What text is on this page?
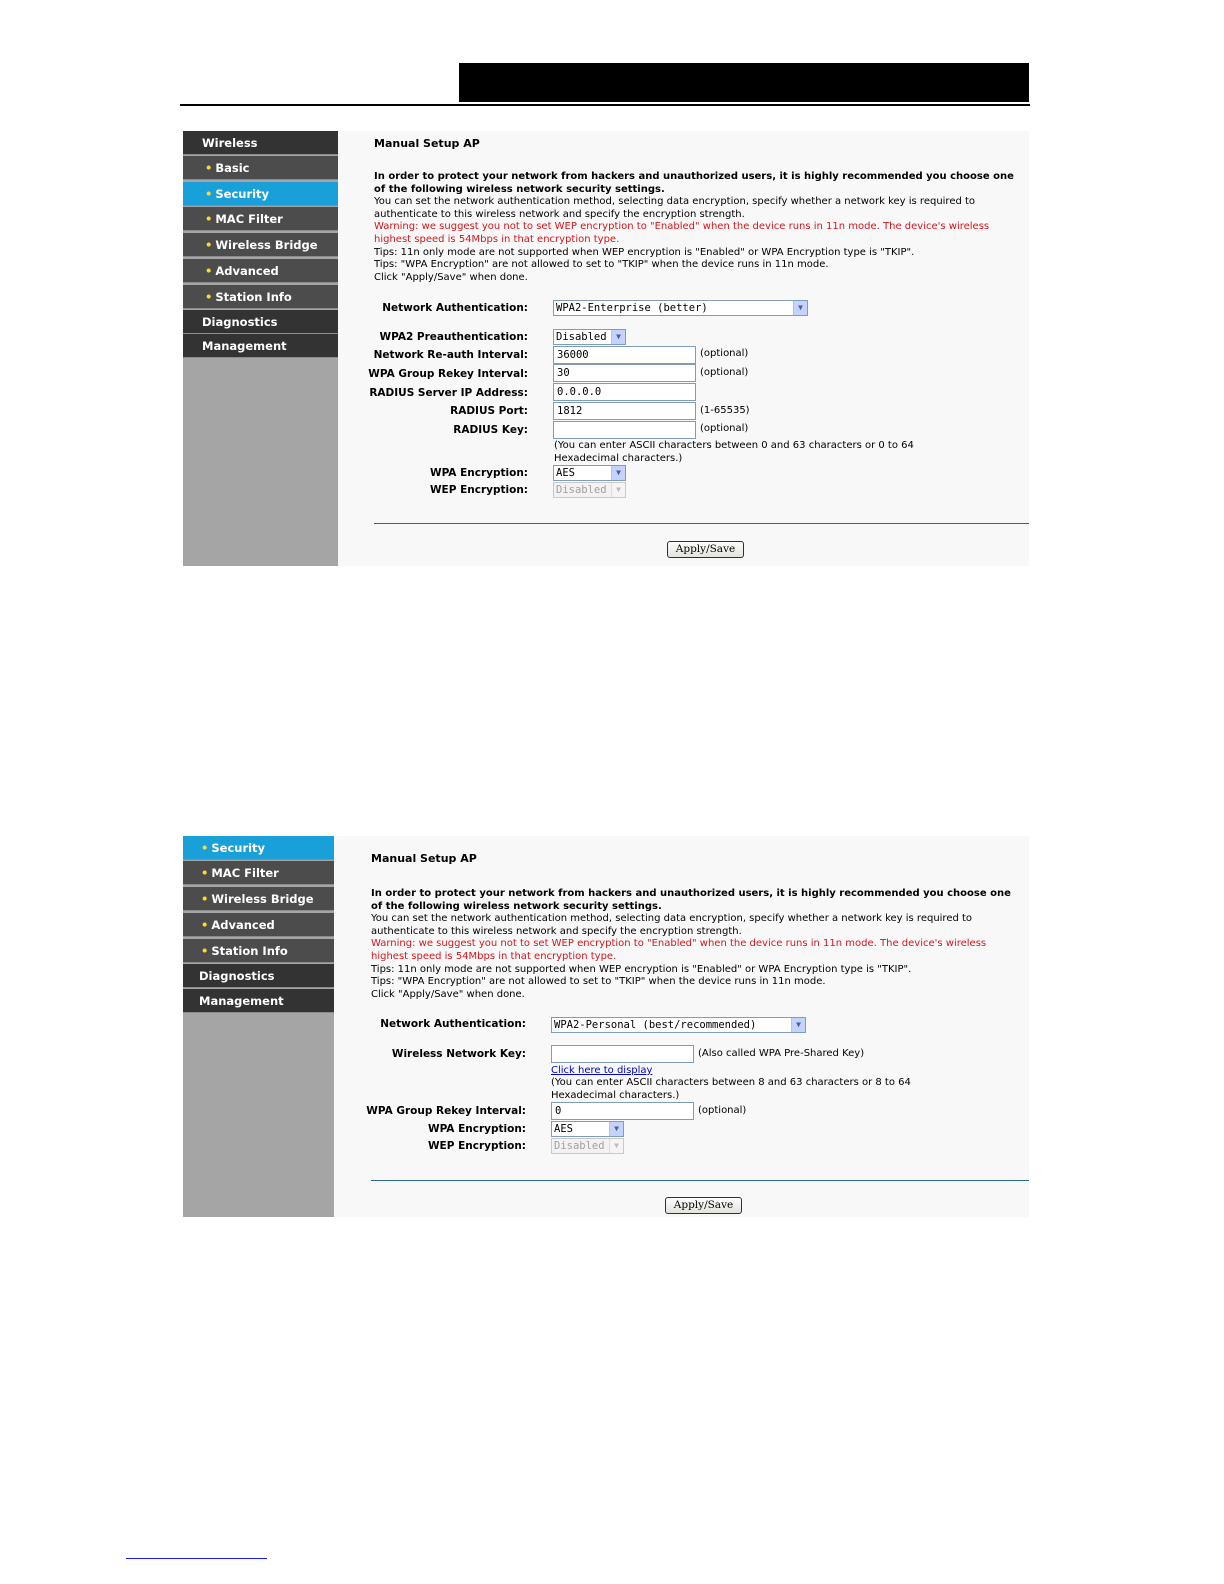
Wireless
• Basic
• Security
• MAC Filter
• Wireless Bridge
• Advanced
• Station Info
Diagnostics
Management
Manual Setup AP
In order to protect your network from hackers and unauthorized users, it is highly recommended you choose one of the following wireless network security settings.
You can set the network authentication method, selecting data encryption, specify whether a network key is required to authenticate to this wireless network and specify the encryption strength.
Warning: we suggest you not to set WEP encryption to "Enabled" when the device runs in 11n mode. The device's wireless highest speed is 54Mbps in that encryption type.
Tips: 11n only mode are not supported when WEP encryption is "Enabled" or WPA Encryption type is "TKIP".
Tips: "WPA Encryption" are not allowed to set to "TKIP" when the device runs in 11n mode.
Click "Apply/Save" when done.
Network Authentication:	WPA2-Enterprise (better)	▼
WPA2 Preauthentication:	Disabled	▼
Network Re-auth Interval:	36000	(optional)
WPA Group Rekey Interval:	30	(optional)
RADIUS Server IP Address:	0.0.0.0
RADIUS Port:	1812	(1-65535)
RADIUS Key:	(optional)
(You can enter ASCII characters between 0 and 63 characters or 0 to 64 Hexadecimal characters.)
WPA Encryption:	AES	▼
WEP Encryption:	Disabled	▼
Apply/Save
• Security
• MAC Filter
• Wireless Bridge
• Advanced
• Station Info
Diagnostics
Management
Manual Setup AP
In order to protect your network from hackers and unauthorized users, it is highly recommended you choose one of the following wireless network security settings.
You can set the network authentication method, selecting data encryption, specify whether a network key is required to authenticate to this wireless network and specify the encryption strength.
Warning: we suggest you not to set WEP encryption to "Enabled" when the device runs in 11n mode. The device's wireless highest speed is 54Mbps in that encryption type.
Tips: 11n only mode are not supported when WEP encryption is "Enabled" or WPA Encryption type is "TKIP".
Tips: "WPA Encryption" are not allowed to set to "TKIP" when the device runs in 11n mode.
Click "Apply/Save" when done.
Network Authentication:	WPA2-Personal (best/recommended)	▼
Wireless Network Key:	(Also called WPA Pre-Shared Key)
Click here to display
(You can enter ASCII characters between 8 and 63 characters or 8 to 64 Hexadecimal characters.)
WPA Group Rekey Interval:	0	(optional)
WPA Encryption:	AES	▼
WEP Encryption:	Disabled	▼
Apply/Save
